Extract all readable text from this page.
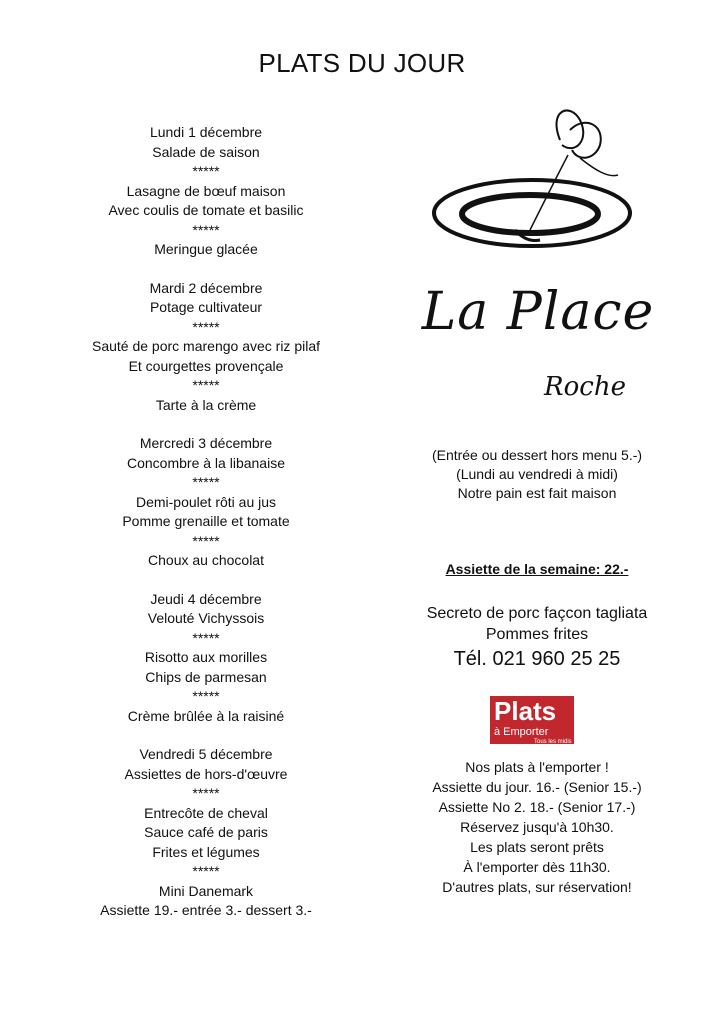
PLATS DU JOUR
Lundi 1 décembre
Salade de saison
*****
Lasagne de bœuf maison
Avec coulis de tomate et basilic
*****
Meringue glacée
Mardi 2 décembre
Potage cultivateur
*****
Sauté de porc marengo avec riz pilaf
Et courgettes provençale
*****
Tarte à la crème
Mercredi 3 décembre
Concombre à la libanaise
*****
Demi-poulet rôti au jus
Pomme grenaille et tomate
*****
Choux au chocolat
Jeudi 4 décembre
Velouté Vichyssois
*****
Risotto aux morilles
Chips de parmesan
*****
Crème brûlée à la raisiné
Vendredi 5 décembre
Assiettes de hors-d'œuvre
*****
Entrecôte de cheval
Sauce café de paris
Frites et légumes
*****
Mini Danemark
Assiette 19.- entrée 3.- dessert 3.-
La Place
Roche
(Entrée ou dessert hors menu 5.-)
(Lundi au vendredi à midi)
Notre pain est fait maison
Assiette de la semaine: 22.-
Secreto de porc façcon tagliata
Pommes frites
Tél. 021 960 25 25
Plats
à Emporter
Tous les midis
Nos plats à l'emporter !
Assiette du jour. 16.- (Senior 15.-)
Assiette No 2. 18.- (Senior 17.-)
Réservez jusqu'à 10h30.
Les plats seront prêts
À l'emporter dès 11h30.
D'autres plats, sur réservation!
